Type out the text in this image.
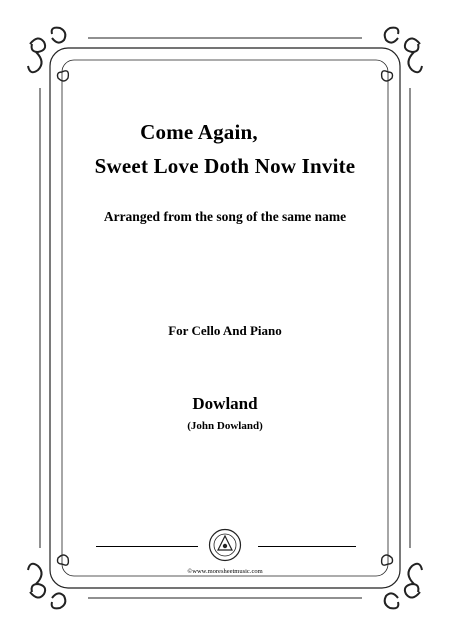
Come Again,
Sweet Love Doth Now Invite
Arranged from the song of the same name
For Cello And Piano
Dowland
(John Dowland)
©www.moresheetmusic.com
